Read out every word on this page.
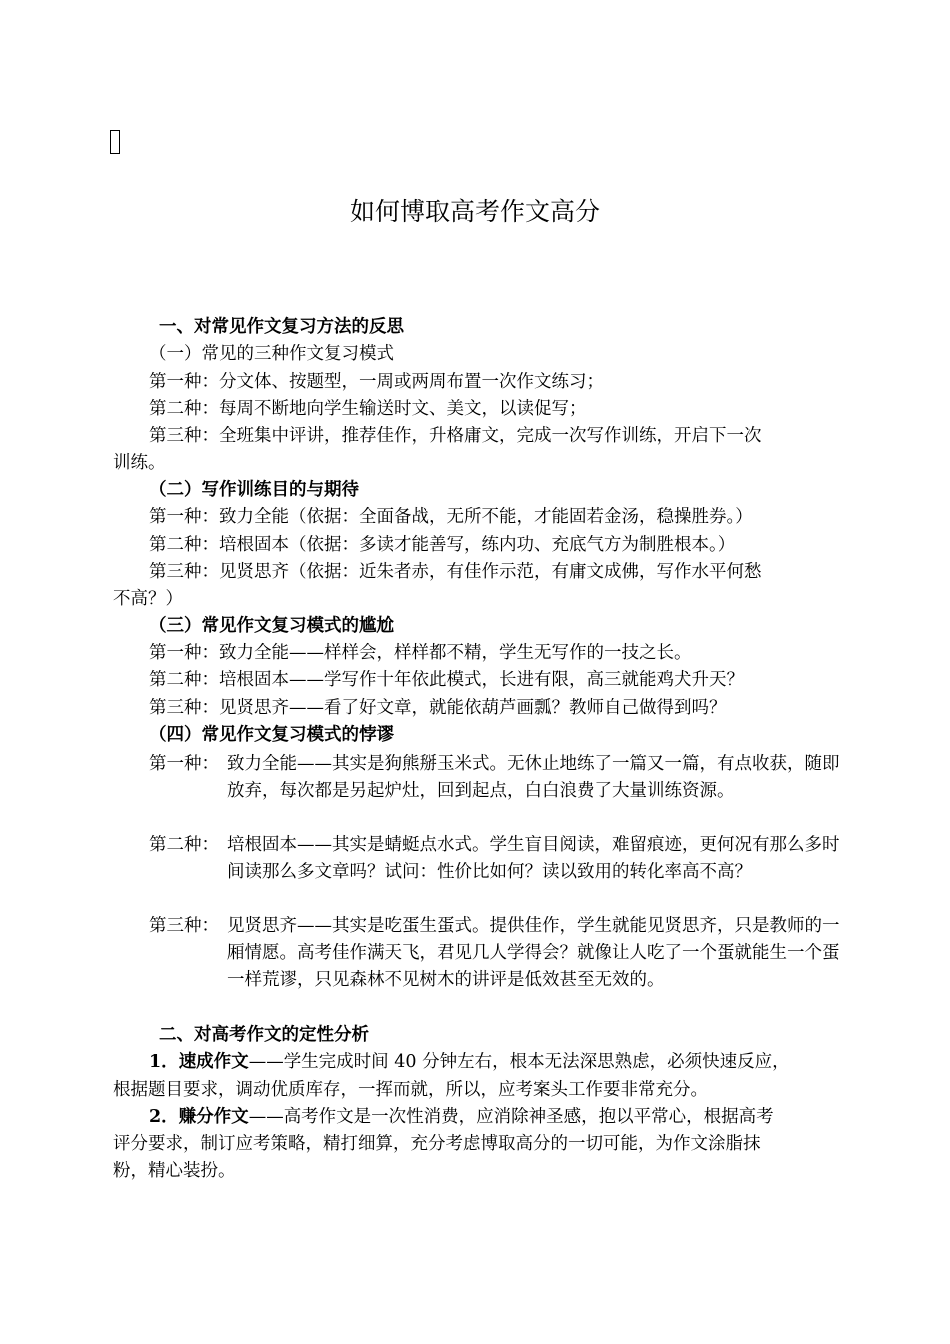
如何博取高考作文高分
一、对常见作文复习方法的反思
（一）常见的三种作文复习模式
第一种：分文体、按题型，一周或两周布置一次作文练习；
第二种：每周不断地向学生输送时文、美文，以读促写；
第三种：全班集中评讲，推荐佳作，升格庸文，完成一次写作训练，开启下一次
训练。
（二）写作训练目的与期待
第一种：致力全能（依据：全面备战，无所不能，才能固若金汤，稳操胜券。）
第二种：培根固本（依据：多读才能善写，练内功、充底气方为制胜根本。）
第三种：见贤思齐（依据：近朱者赤，有佳作示范，有庸文成佛，写作水平何愁
不高？）
（三）常见作文复习模式的尴尬
第一种：致力全能——样样会，样样都不精，学生无写作的一技之长。
第二种：培根固本——学写作十年依此模式，长进有限，高三就能鸡犬升天？
第三种：见贤思齐——看了好文章，就能依葫芦画瓢？教师自己做得到吗？
（四）常见作文复习模式的悖谬
第一种： 致力全能——其实是狗熊掰玉米式。无休止地练了一篇又一篇，有点收获，随即放弃，每次都是另起炉灶，回到起点，白白浪费了大量训练资源。
第二种： 培根固本——其实是蜻蜓点水式。学生盲目阅读，难留痕迹，更何况有那么多时间读那么多文章吗？试问：性价比如何？读以致用的转化率高不高？
第三种： 见贤思齐——其实是吃蛋生蛋式。提供佳作，学生就能见贤思齐，只是教师的一厢情愿。高考佳作满天飞，君见几人学得会？就像让人吃了一个蛋就能生一个蛋一样荒谬，只见森林不见树木的讲评是低效甚至无效的。
二、对高考作文的定性分析
1．速成作文——学生完成时间 40 分钟左右，根本无法深思熟虑，必须快速反应，
根据题目要求，调动优质库存，一挥而就，所以，应考案头工作要非常充分。
2．赚分作文——高考作文是一次性消费，应消除神圣感，抱以平常心，根据高考
评分要求，制订应考策略，精打细算，充分考虑博取高分的一切可能，为作文涂脂抹
粉，精心装扮。
